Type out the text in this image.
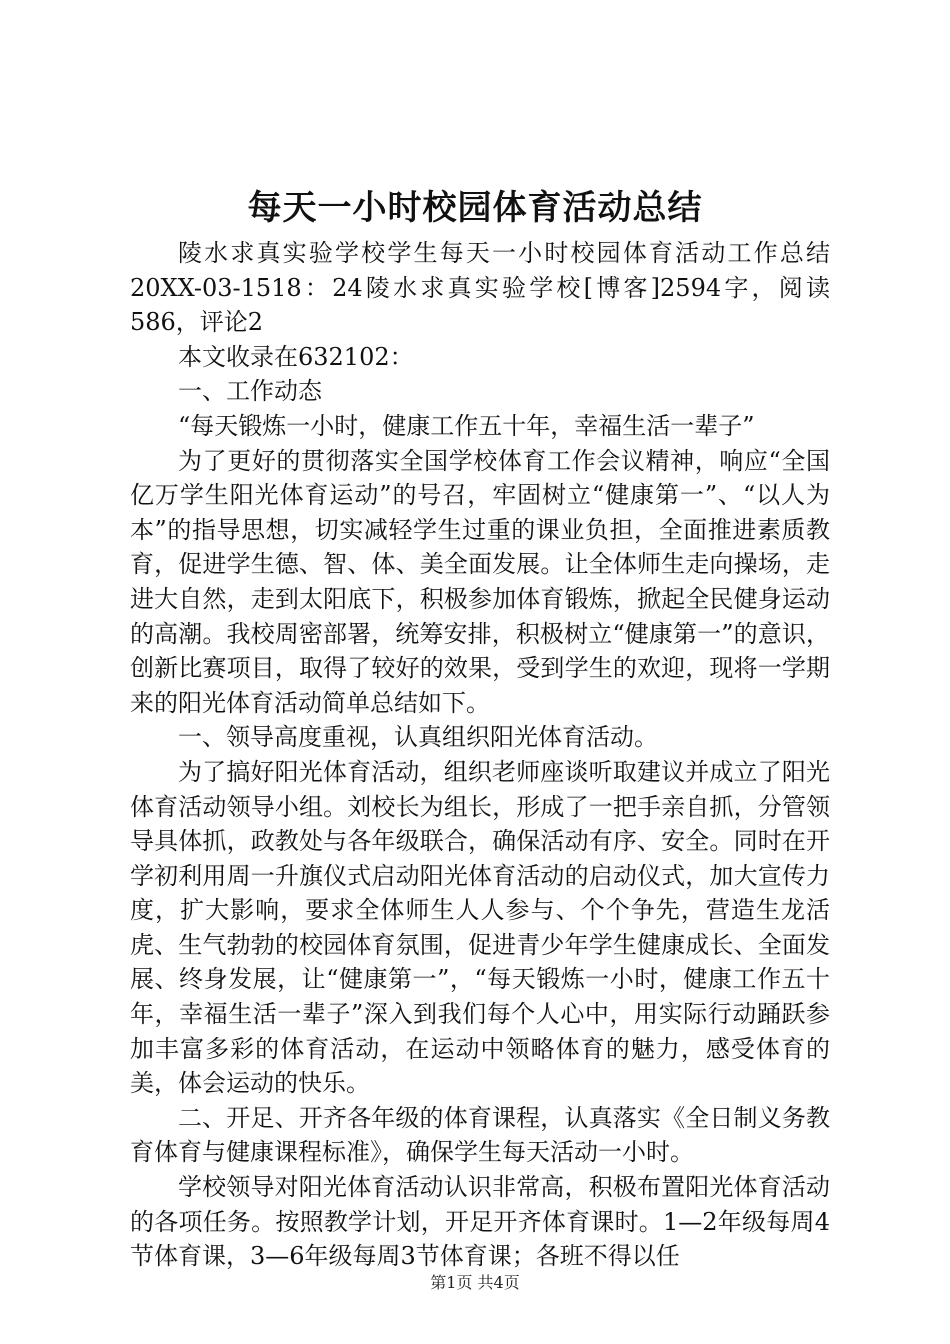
每天一小时校园体育活动总结

陵水求真实验学校学生每天一小时校园体育活动工作总结20XX-03-1518：24陵水求真实验学校[博客]2594字，阅读586，评论2

本文收录在632102：

一、工作动态

“每天锻炼一小时，健康工作五十年，幸福生活一辈子”

为了更好的贯彻落实全国学校体育工作会议精神，响应“全国亿万学生阳光体育运动”的号召，牢固树立“健康第一”、“以人为本”的指导思想，切实减轻学生过重的课业负担，全面推进素质教育，促进学生德、智、体、美全面发展。让全体师生走向操场，走进大自然，走到太阳底下，积极参加体育锻炼，掀起全民健身运动的高潮。我校周密部署，统筹安排，积极树立“健康第一”的意识，创新比赛项目，取得了较好的效果，受到学生的欢迎，现将一学期来的阳光体育活动简单总结如下。

一、领导高度重视，认真组织阳光体育活动。

为了搞好阳光体育活动，组织老师座谈听取建议并成立了阳光体育活动领导小组。刘校长为组长，形成了一把手亲自抓，分管领导具体抓，政教处与各年级联合，确保活动有序、安全。同时在开学初利用周一升旗仪式启动阳光体育活动的启动仪式，加大宣传力度，扩大影响，要求全体师生人人参与、个个争先，营造生龙活虎、生气勃勃的校园体育氛围，促进青少年学生健康成长、全面发展、终身发展，让“健康第一”，“每天锻炼一小时，健康工作五十年，幸福生活一辈子”深入到我们每个人心中，用实际行动踊跃参加丰富多彩的体育活动，在运动中领略体育的魅力，感受体育的美，体会运动的快乐。

二、开足、开齐各年级的体育课程，认真落实《全日制义务教育体育与健康课程标准》，确保学生每天活动一小时。

学校领导对阳光体育活动认识非常高，积极布置阳光体育活动的各项任务。按照教学计划，开足开齐体育课时。1—2年级每周4节体育课，3—6年级每周3节体育课；各班不得以任

第1页 共4页
